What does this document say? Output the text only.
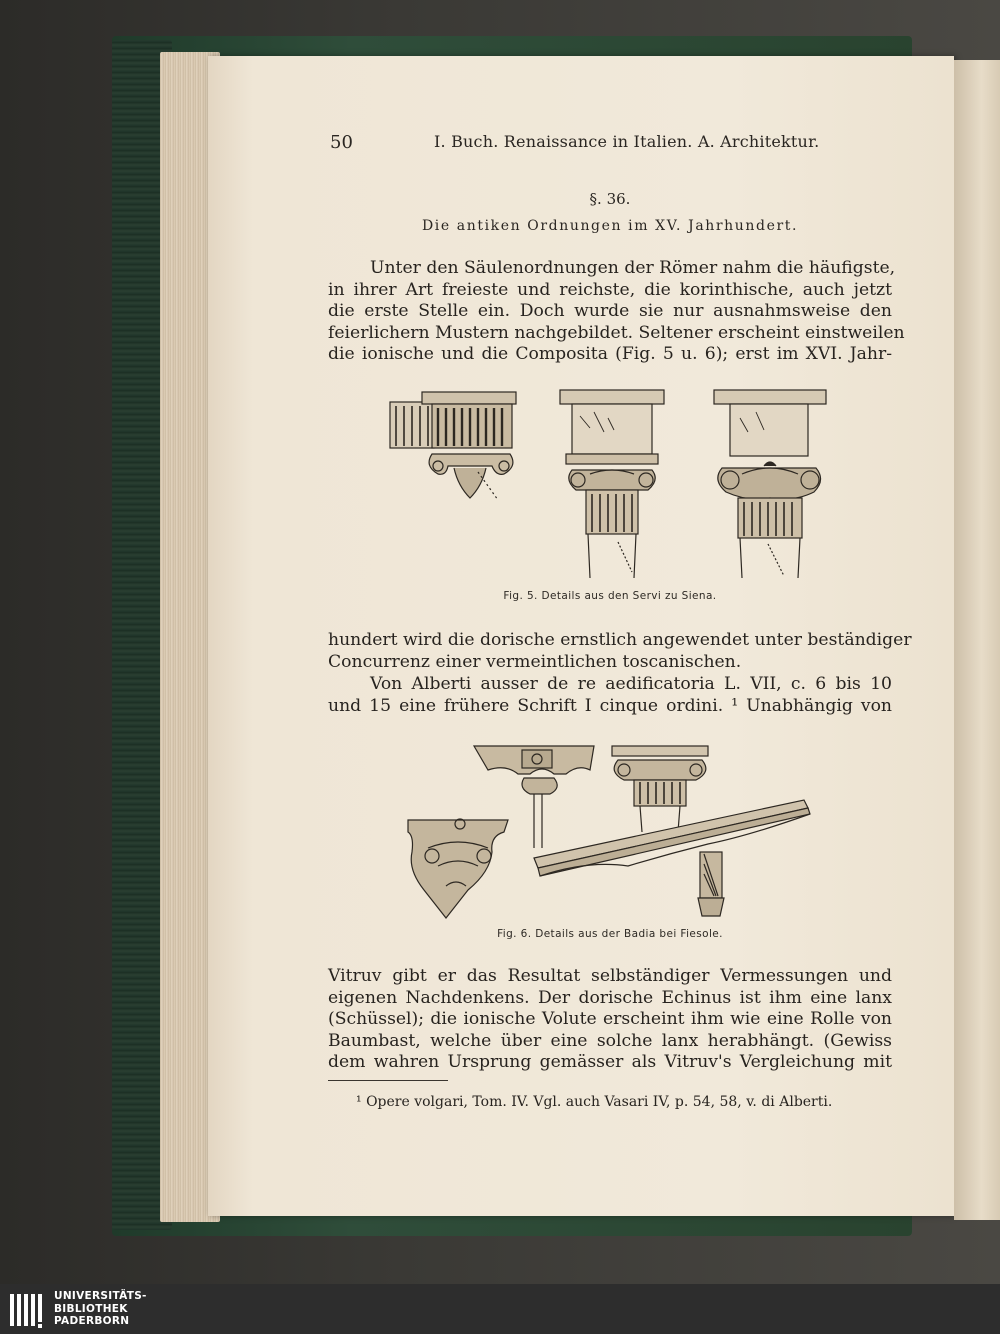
50	I. Buch. Renaissance in Italien. A. Architektur.
§. 36.
Die antiken Ordnungen im XV. Jahrhundert.
Unter den Säulenordnungen der Römer nahm die häufigste,
in ihrer Art freieste und reichste, die korinthische, auch jetzt
die erste Stelle ein. Doch wurde sie nur ausnahmsweise den
feierlichern Mustern nachgebildet. Seltener erscheint einstweilen
die ionische und die Composita (Fig. 5 u. 6); erst im XVI. Jahr-
Fig. 5. Details aus den Servi zu Siena.
hundert wird die dorische ernstlich angewendet unter beständiger
Concurrenz einer vermeintlichen toscanischen.
Von Alberti ausser de re aedificatoria L. VII, c. 6 bis 10
und 15 eine frühere Schrift I cinque ordini. ¹ Unabhängig von
Fig. 6. Details aus der Badia bei Fiesole.
Vitruv gibt er das Resultat selbständiger Vermessungen und
eigenen Nachdenkens. Der dorische Echinus ist ihm eine lanx
(Schüssel); die ionische Volute erscheint ihm wie eine Rolle von
Baumbast, welche über eine solche lanx herabhängt. (Gewiss
dem wahren Ursprung gemässer als Vitruv's Vergleichung mit
¹ Opere volgari, Tom. IV. Vgl. auch Vasari IV, p. 54, 58, v. di Alberti.
UNIVERSITÄTS-
BIBLIOTHEK
PADERBORN
